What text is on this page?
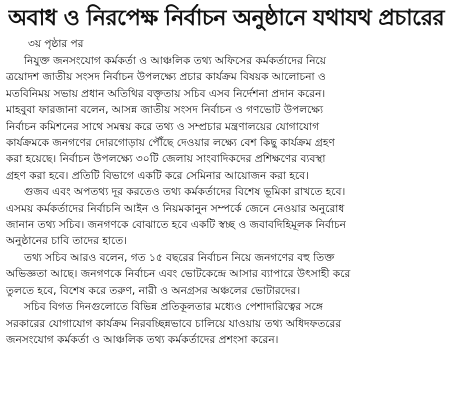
অবাধ ও নিরপেক্ষ নির্বাচন অনুষ্ঠানে যথাযথ প্রচারের
৩য় পৃষ্ঠার পর

নিযুক্ত জনসংযোগ কর্মকর্তা ও আঞ্চলিক তথ্য অফিসের কর্মকর্তাদের নিয়ে
ত্রয়োদশ জাতীয় সংসদ নির্বাচন উপলক্ষ্যে প্রচার কার্যক্রম বিষয়ক আলোচনা ও
মতবিনিময় সভায় প্রধান অতিথির বক্তৃতায় সচিব এসব নির্দেশনা প্রদান করেন।

মাহবুবা ফারজানা বলেন, আসন্ন জাতীয় সংসদ নির্বাচন ও গণভোট উপলক্ষ্যে
নির্বাচন কমিশনের সাথে সমন্বয় করে তথ্য ও সম্প্রচার মন্ত্রণালয়ের যোগাযোগ
কার্যক্রমকে জনগণের দোরগোড়ায় পৌঁছে দেওয়ার লক্ষ্যে বেশ কিছু কার্যক্রম গ্রহণ
করা হয়েছে। নির্বাচন উপলক্ষ্যে ৩০টি জেলায় সাংবাদিকদের প্রশিক্ষণের ব্যবস্থা
গ্রহণ করা হবে। প্রতিটি বিভাগে একটি করে সেমিনার আয়োজন করা হবে।

গুজব এবং অপতথ্য দূর করতেও তথ্য কর্মকর্তাদের বিশেষ ভূমিকা রাখতে হবে।
এসময় কর্মকর্তাদের নির্বাচনি আইন ও নিয়মকানুন সম্পর্কে জেনে নেওয়ার অনুরোধ
জানান তথ্য সচিব। জনগণকে বোঝাতে হবে একটি স্বচ্ছ ও জবাবদিহিমূলক নির্বাচন
অনুষ্ঠানের চাবি তাদের হাতে।

তথ্য সচিব আরও বলেন, গত ১৫ বছরের নির্বাচন নিয়ে জনগণের বহু তিক্ত
অভিজ্ঞতা আছে। জনগণকে নির্বাচন এবং ভোটকেন্দ্রে আসার ব্যাপারে উৎসাহী করে
তুলতে হবে, বিশেষ করে তরুণ, নারী ও অনগ্রসর অঞ্চলের ভোটারদের।

সচিব বিগত দিনগুলোতে বিভিন্ন প্রতিকূলতার মধ্যেও পেশাদারিত্বের সঙ্গে
সরকারের যোগাযোগ কার্যক্রম নিরবচ্ছিন্নভাবে চালিয়ে যাওয়ায় তথ্য অধিদফতরের
জনসংযোগ কর্মকর্তা ও আঞ্চলিক তথ্য কর্মকর্তাদের প্রশংসা করেন।
